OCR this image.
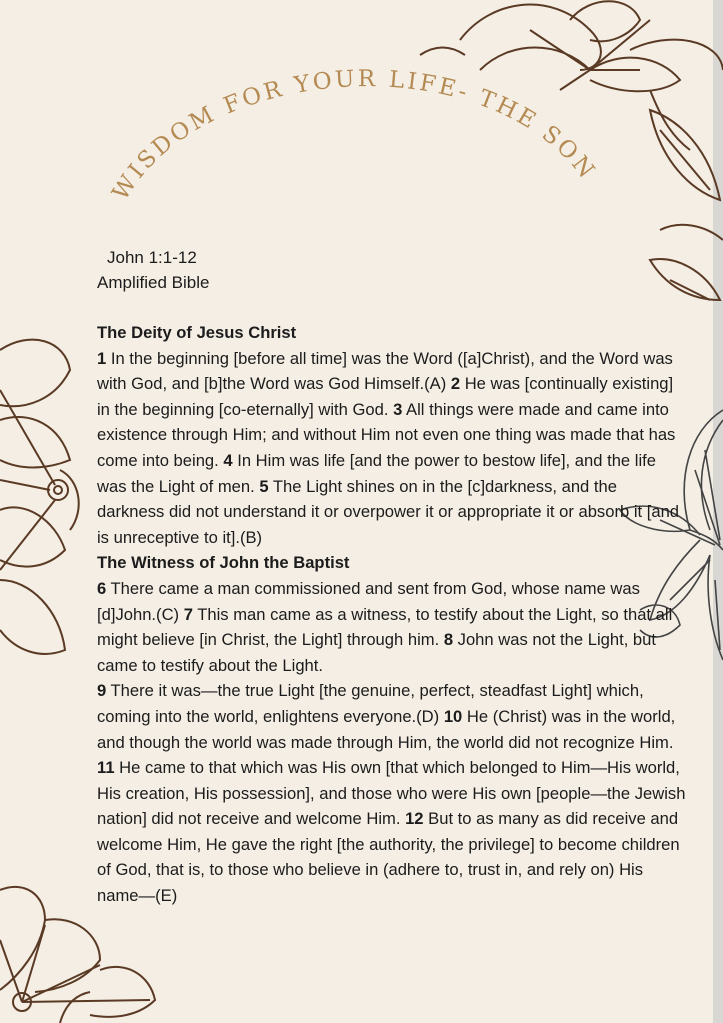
WISDOM FOR YOUR LIFE- THE SON
John 1:1-12
Amplified Bible

The Deity of Jesus Christ

1 In the beginning [before all time] was the Word ([a]Christ), and the Word was with God, and [b]the Word was God Himself.(A) 2 He was [continually existing] in the beginning [co-eternally] with God. 3 All things were made and came into existence through Him; and without Him not even one thing was made that has come into being. 4 In Him was life [and the power to bestow life], and the life was the Light of men. 5 The Light shines on in the [c]darkness, and the darkness did not understand it or overpower it or appropriate it or absorb it [and is unreceptive to it].(B)

The Witness of John the Baptist

6 There came a man commissioned and sent from God, whose name was [d]John.(C) 7 This man came as a witness, to testify about the Light, so that all might believe [in Christ, the Light] through him. 8 John was not the Light, but came to testify about the Light.

9 There it was—the true Light [the genuine, perfect, steadfast Light] which, coming into the world, enlightens everyone.(D) 10 He (Christ) was in the world, and though the world was made through Him, the world did not recognize Him. 11 He came to that which was His own [that which belonged to Him—His world, His creation, His possession], and those who were His own [people—the Jewish nation] did not receive and welcome Him. 12 But to as many as did receive and welcome Him, He gave the right [the authority, the privilege] to become children of God, that is, to those who believe in (adhere to, trust in, and rely on) His name—(E)
